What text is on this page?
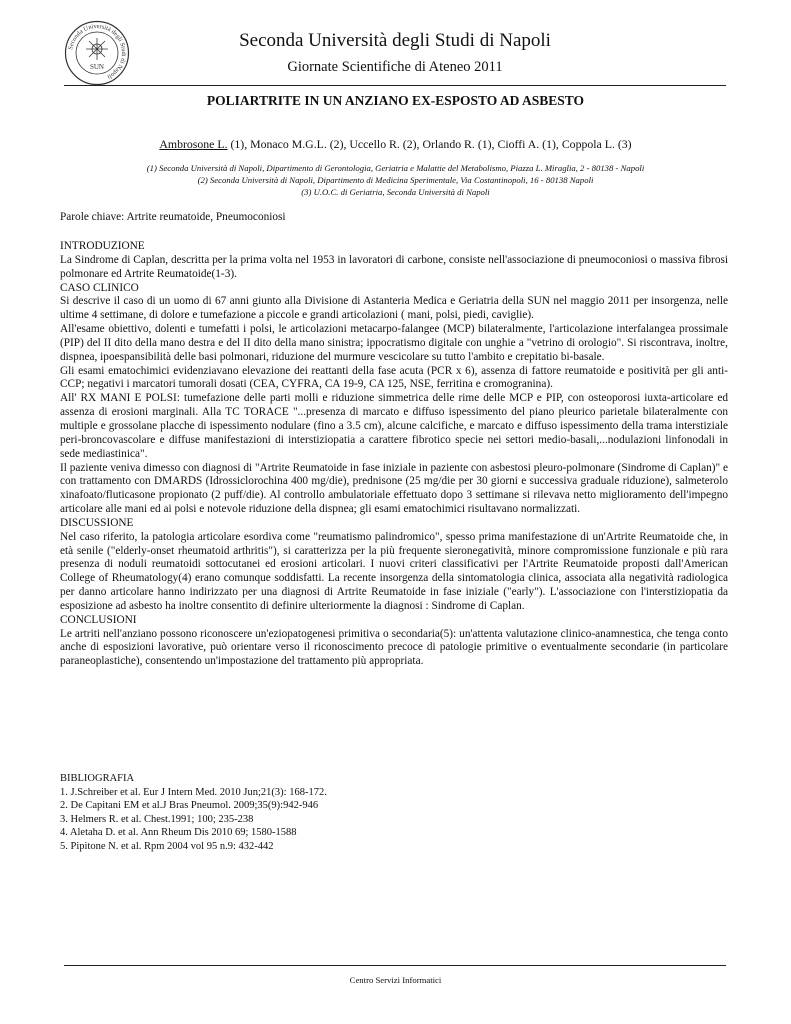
Seconda Università degli Studi di Napoli
SUN
Seconda Università degli Studi di Napoli
Giornate Scientifiche di Ateneo 2011
POLIARTRITE IN UN ANZIANO EX-ESPOSTO AD ASBESTO
Ambrosone L. (1), Monaco M.G.L. (2), Uccello R. (2), Orlando R. (1), Cioffi A. (1), Coppola L. (3)
(1) Seconda Università di Napoli, Dipartimento di Gerontologia, Geriatria e Malattie del Metabolismo, Piazza L. Miraglia, 2 - 80138 - Napoli
(2) Seconda Università di Napoli, Dipartimento di Medicina Sperimentale, Via Costantinopoli, 16 - 80138 Napoli
(3) U.O.C. di Geriatria, Seconda Università di Napoli
Parole chiave: Artrite reumatoide, Pneumoconiosi

INTRODUZIONE

La Sindrome di Caplan, descritta per la prima volta nel 1953 in lavoratori di carbone, consiste nell'associazione di pneumoconiosi o massiva fibrosi polmonare ed Artrite Reumatoide(1-3).

CASO CLINICO

Si descrive il caso di un uomo di 67 anni giunto alla Divisione di Astanteria Medica e Geriatria della SUN nel maggio 2011 per insorgenza, nelle ultime 4 settimane, di dolore e tumefazione a piccole e grandi articolazioni ( mani, polsi, piedi, caviglie).

All'esame obiettivo, dolenti e tumefatti i polsi, le articolazioni metacarpo-falangee (MCP) bilateralmente, l'articolazione interfalangea prossimale (PIP) del II dito della mano destra e del II dito della mano sinistra; ippocratismo digitale con unghie a "vetrino di orologio". Si riscontrava, inoltre, dispnea, ipoespansibilità delle basi polmonari, riduzione del murmure vescicolare su tutto l'ambito e crepitatio bi-basale.

Gli esami ematochimici evidenziavano elevazione dei reattanti della fase acuta (PCR x 6), assenza di fattore reumatoide e positività per gli anti-CCP; negativi i marcatori tumorali dosati (CEA, CYFRA, CA 19-9, CA 125, NSE, ferritina e cromogranina).

All' RX MANI E POLSI: tumefazione delle parti molli e riduzione simmetrica delle rime delle MCP e PIP, con osteoporosi iuxta-articolare ed assenza di erosioni marginali. Alla TC TORACE "...presenza di marcato e diffuso ispessimento del piano pleurico parietale bilateralmente con multiple e grossolane placche di ispessimento nodulare (fino a 3.5 cm), alcune calcifiche, e marcato e diffuso ispessimento della trama interstiziale peri-broncovascolare e diffuse manifestazioni di interstiziopatia a carattere fibrotico specie nei settori medio-basali,...nodulazioni linfonodali in sede mediastinica".

Il paziente veniva dimesso con diagnosi di "Artrite Reumatoide in fase iniziale in paziente con asbestosi pleuro-polmonare (Sindrome di Caplan)" e con trattamento con DMARDS (Idrossiclorochina 400 mg/die), prednisone (25 mg/die per 30 giorni e successiva graduale riduzione), salmeterolo xinafoato/fluticasone propionato (2 puff/die). Al controllo ambulatoriale effettuato dopo 3 settimane si rilevava netto miglioramento dell'impegno articolare alle mani ed ai polsi e notevole riduzione della dispnea; gli esami ematochimici risultavano normalizzati.

DISCUSSIONE

Nel caso riferito, la patologia articolare esordiva come "reumatismo palindromico", spesso prima manifestazione di un'Artrite Reumatoide che, in età senile ("elderly-onset rheumatoid arthritis"), si caratterizza per la più frequente sieronegatività, minore compromissione funzionale e più rara presenza di noduli reumatoidi sottocutanei ed erosioni articolari. I nuovi criteri classificativi per l'Artrite Reumatoide proposti dall'American College of Rheumatology(4) erano comunque soddisfatti. La recente insorgenza della sintomatologia clinica, associata alla negatività radiologica per danno articolare hanno indirizzato per una diagnosi di Artrite Reumatoide in fase iniziale ("early"). L'associazione con l'interstiziopatia da esposizione ad asbesto ha inoltre consentito di definire ulteriormente la diagnosi : Sindrome di Caplan.

CONCLUSIONI

Le artriti nell'anziano possono riconoscere un'eziopatogenesi primitiva o secondaria(5): un'attenta valutazione clinico-anamnestica, che tenga conto anche di esposizioni lavorative, può orientare verso il riconoscimento precoce di patologie primitive o eventualmente secondarie (in particolare paraneoplastiche), consentendo un'impostazione del trattamento più appropriata.

BIBLIOGRAFIA
1. J.Schreiber et al. Eur J Intern Med. 2010 Jun;21(3): 168-172.
2. De Capitani EM et al.J Bras Pneumol. 2009;35(9):942-946
3. Helmers R. et al. Chest.1991; 100; 235-238
4. Aletaha D. et al. Ann Rheum Dis 2010 69; 1580-1588
5. Pipitone N. et al. Rpm 2004 vol 95 n.9: 432-442
Centro Servizi Informatici
